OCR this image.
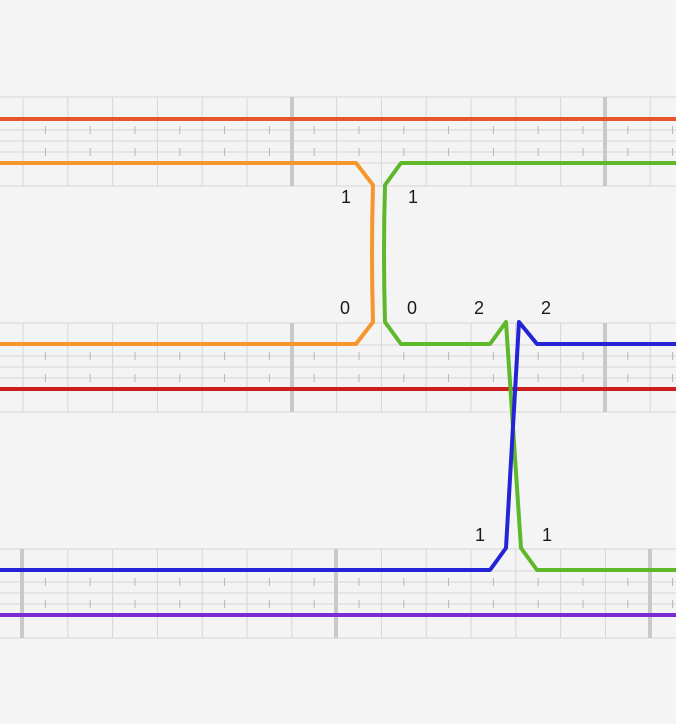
1	1
0	0	2	2
1	1
